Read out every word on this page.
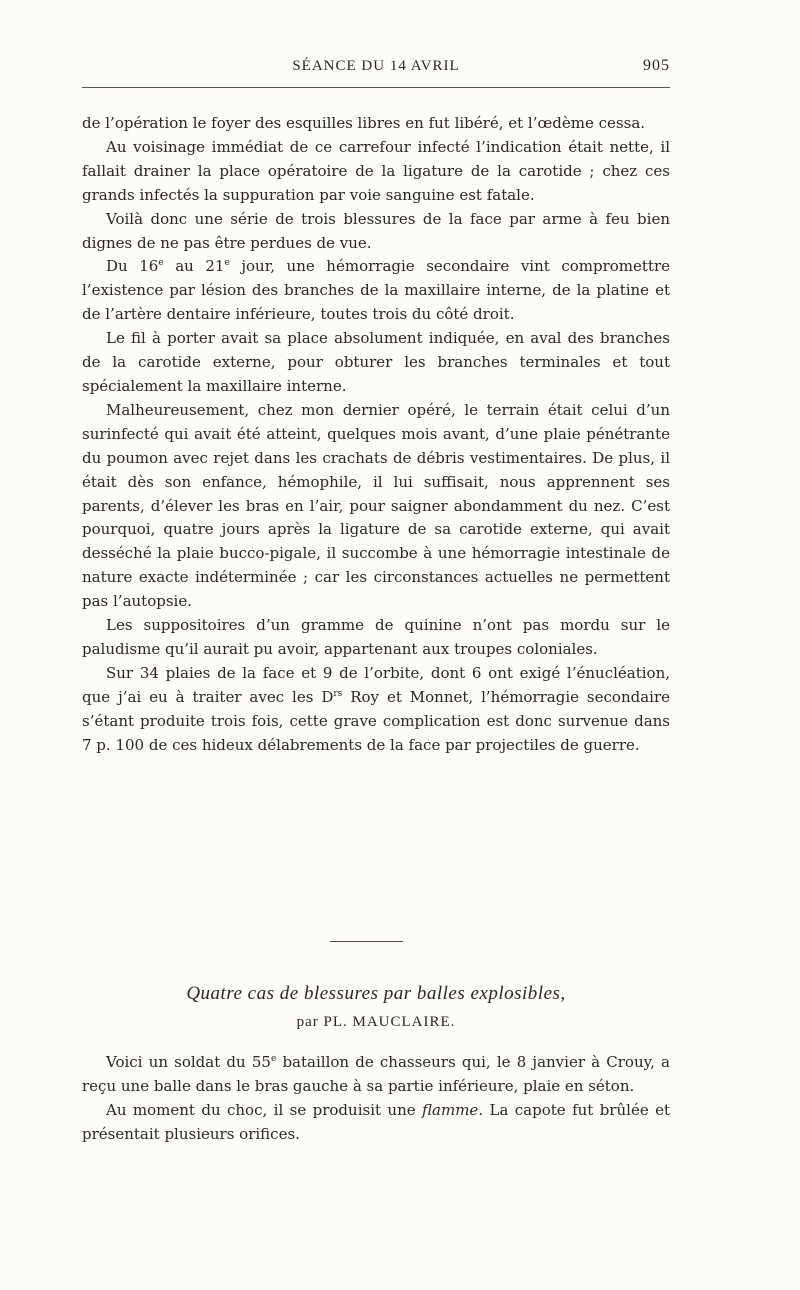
SÉANCE DU 14 AVRIL	905

de l’opération le foyer des esquilles libres en fut libéré, et l’œdème cessa.

Au voisinage immédiat de ce carrefour infecté l’indication était nette, il fallait drainer la place opératoire de la ligature de la carotide ; chez ces grands infectés la suppuration par voie sanguine est fatale.

Voilà donc une série de trois blessures de la face par arme à feu bien dignes de ne pas être perdues de vue.

Du 16e au 21e jour, une hémorragie secondaire vint compromettre l’existence par lésion des branches de la maxillaire interne, de la platine et de l’artère dentaire inférieure, toutes trois du côté droit.

Le fil à porter avait sa place absolument indiquée, en aval des branches de la carotide externe, pour obturer les branches terminales et tout spécialement la maxillaire interne.

Malheureusement, chez mon dernier opéré, le terrain était celui d’un surinfecté qui avait été atteint, quelques mois avant, d’une plaie pénétrante du poumon avec rejet dans les crachats de débris vestimentaires. De plus, il était dès son enfance, hémophile, il lui suffisait, nous apprennent ses parents, d’élever les bras en l’air, pour saigner abondamment du nez. C’est pourquoi, quatre jours après la ligature de sa carotide externe, qui avait desséché la plaie bucco-pigale, il succombe à une hémorragie intestinale de nature exacte indéterminée ; car les circonstances actuelles ne permettent pas l’autopsie.

Les suppositoires d’un gramme de quinine n’ont pas mordu sur le paludisme qu’il aurait pu avoir, appartenant aux troupes coloniales.

Sur 34 plaies de la face et 9 de l’orbite, dont 6 ont exigé l’énucléation, que j’ai eu à traiter avec les $D^{rs}$ Roy et Monnet, l’hémorragie secondaire s’étant produite trois fois, cette grave complication est donc survenue dans 7 p. 100 de ces hideux délabrements de la face par projectiles de guerre.

Quatre cas de blessures par balles explosibles,
par PL. MAUCLAIRE.

Voici un soldat du 55e bataillon de chasseurs qui, le 8 janvier à Crouy, a reçu une balle dans le bras gauche à sa partie inférieure, plaie en séton.

Au moment du choc, il se produisit une flamme. La capote fut brûlée et présentait plusieurs orifices.
